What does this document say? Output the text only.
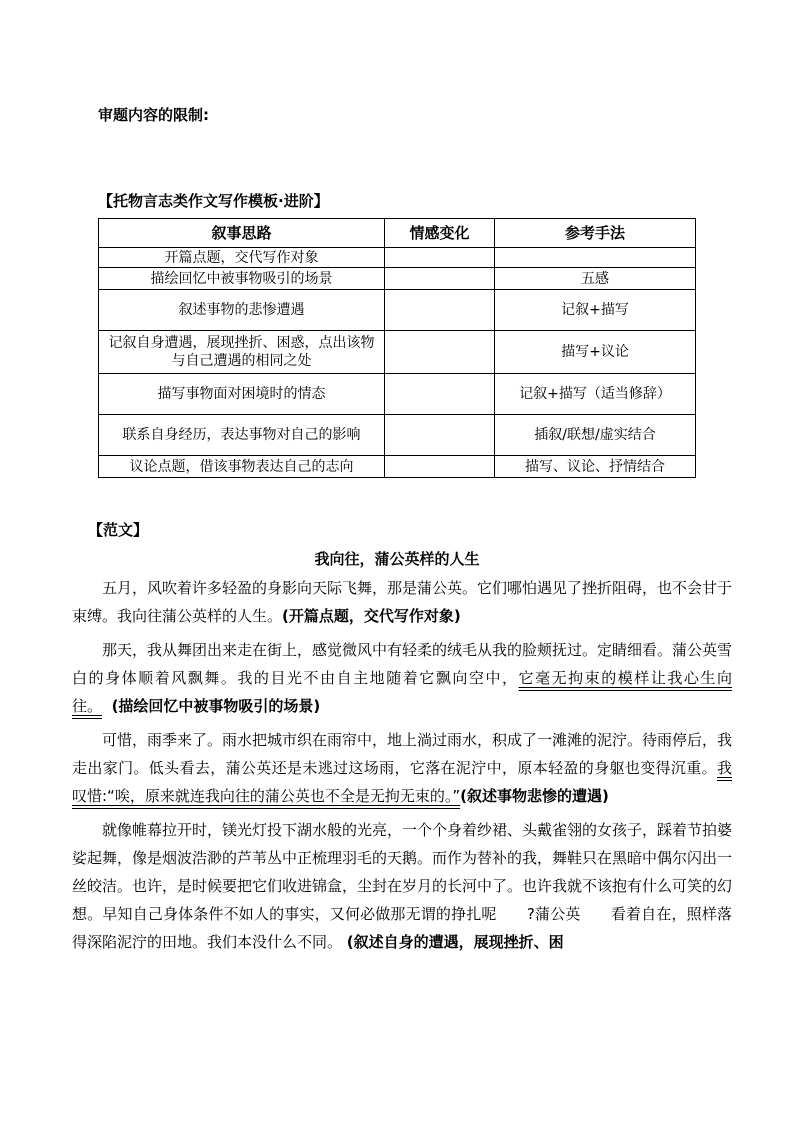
审题内容的限制:
【托物言志类作文写作模板·进阶】
叙事思路	情感变化	参考手法
开篇点题，交代写作对象		
描绘回忆中被事物吸引的场景		五感
叙述事物的悲惨遭遇		记叙+描写
记叙自身遭遇，展现挫折、困惑，点出该物与自己遭遇的相同之处		描写+议论
描写事物面对困境时的情态		记叙+描写（适当修辞）
联系自身经历，表达事物对自己的影响		插叙/联想/虚实结合
议论点题，借该事物表达自己的志向		描写、议论、抒情结合
【范文】
我向往，蒲公英样的人生

五月，风吹着许多轻盈的身影向天际飞舞，那是蒲公英。它们哪怕遇见了挫折阻碍，也不会甘于束缚。我向往蒲公英样的人生。(开篇点题，交代写作对象)

那天，我从舞团出来走在街上，感觉微风中有轻柔的绒毛从我的脸颊抚过。定睛细看。蒲公英雪白的身体顺着风飘舞。我的目光不由自主地随着它飘向空中，它毫无拘束的模样让我心生向往。 (描绘回忆中被事物吸引的场景)

可惜，雨季来了。雨水把城市织在雨帘中，地上淌过雨水，积成了一滩滩的泥泞。待雨停后，我走出家门。低头看去，蒲公英还是未逃过这场雨，它落在泥泞中，原本轻盈的身躯也变得沉重。我叹惜:“唉，原来就连我向往的蒲公英也不全是无拘无束的。”(叙述事物悲惨的遭遇)

就像帷幕拉开时，镁光灯投下湖水般的光亮，一个个身着纱裙、头戴雀翎的女孩子，踩着节拍婆娑起舞，像是烟波浩渺的芦苇丛中正梳理羽毛的天鹅。而作为替补的我，舞鞋只在黑暗中偶尔闪出一丝皎洁。也许，是时候要把它们收进锦盒，尘封在岁月的长河中了。也许我就不该抱有什么可笑的幻想。早知自己身体条件不如人的事实，又何必做那无谓的挣扎呢　　?蒲公英　　看着自在，照样落得深陷泥泞的田地。我们本没什么不同。 (叙述自身的遭遇，展现挫折、困
